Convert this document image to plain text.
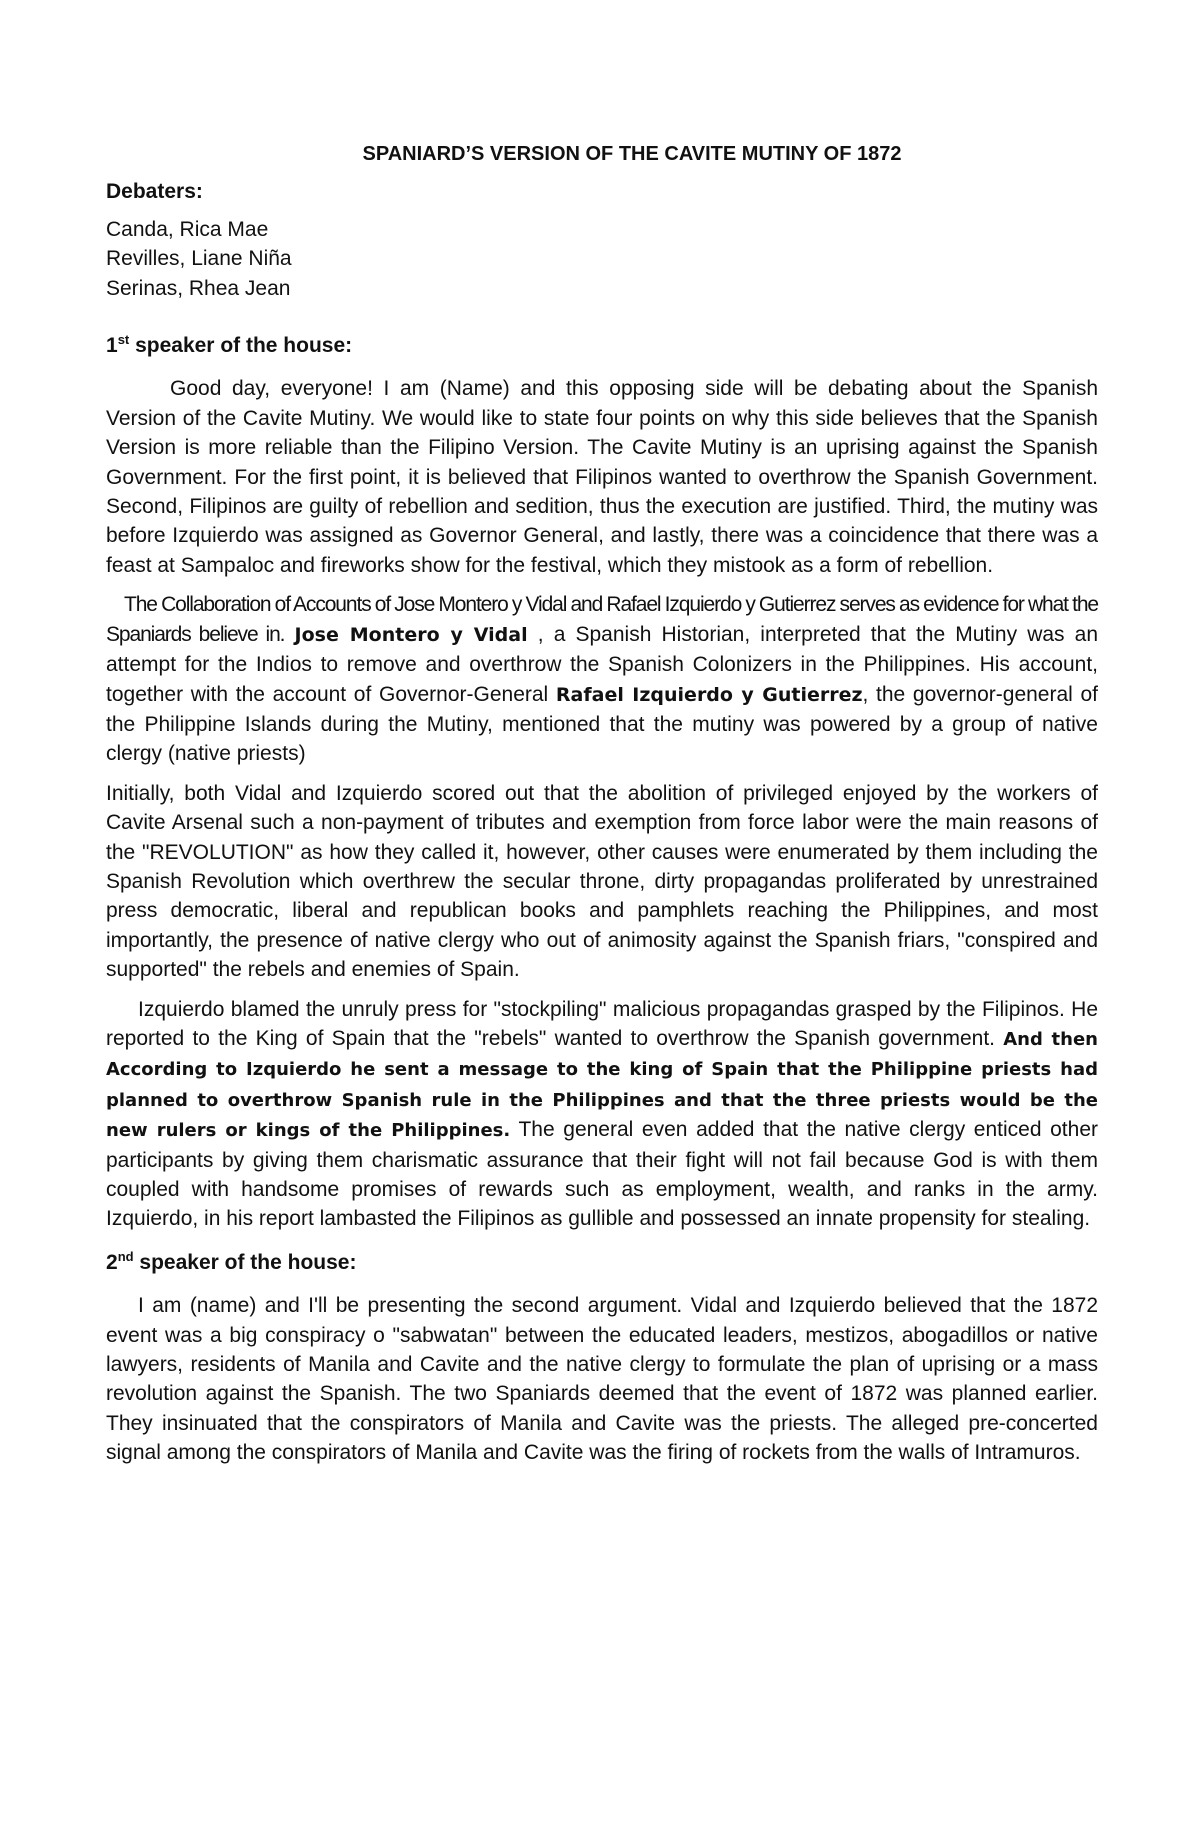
SPANIARD’S VERSION OF THE CAVITE MUTINY OF 1872

Debaters:

Canda, Rica Mae

Revilles, Liane Niña

Serinas, Rhea Jean

1st speaker of the house:

Good day, everyone! I am (Name) and this opposing side will be debating about the Spanish Version of the Cavite Mutiny. We would like to state four points on why this side believes that the Spanish Version is more reliable than the Filipino Version. The Cavite Mutiny is an uprising against the Spanish Government. For the first point, it is believed that Filipinos wanted to overthrow the Spanish Government. Second, Filipinos are guilty of rebellion and sedition, thus the execution are justified. Third, the mutiny was before Izquierdo was assigned as Governor General, and lastly, there was a coincidence that there was a feast at Sampaloc and fireworks show for the festival, which they mistook as a form of rebellion.

The Collaboration of Accounts of Jose Montero y Vidal and Rafael Izquierdo y Gutierrez serves as evidence for what the Spaniards believe in. Jose Montero y Vidal , a Spanish Historian, interpreted that the Mutiny was an attempt for the Indios to remove and overthrow the Spanish Colonizers in the Philippines. His account, together with the account of Governor-General Rafael Izquierdo y Gutierrez, the governor-general of the Philippine Islands during the Mutiny, mentioned that the mutiny was powered by a group of native clergy (native priests)

Initially, both Vidal and Izquierdo scored out that the abolition of privileged enjoyed by the workers of Cavite Arsenal such a non-payment of tributes and exemption from force labor were the main reasons of the "REVOLUTION" as how they called it, however, other causes were enumerated by them including the Spanish Revolution which overthrew the secular throne, dirty propagandas proliferated by unrestrained press democratic, liberal and republican books and pamphlets reaching the Philippines, and most importantly, the presence of native clergy who out of animosity against the Spanish friars, "conspired and supported" the rebels and enemies of Spain.

Izquierdo blamed the unruly press for "stockpiling" malicious propagandas grasped by the Filipinos. He reported to the King of Spain that the "rebels" wanted to overthrow the Spanish government. And then According to Izquierdo he sent a message to the king of Spain that the Philippine priests had planned to overthrow Spanish rule in the Philippines and that the three priests would be the new rulers or kings of the Philippines. The general even added that the native clergy enticed other participants by giving them charismatic assurance that their fight will not fail because God is with them coupled with handsome promises of rewards such as employment, wealth, and ranks in the army. Izquierdo, in his report lambasted the Filipinos as gullible and possessed an innate propensity for stealing.

2nd speaker of the house:

I am (name) and I'll be presenting the second argument. Vidal and Izquierdo believed that the 1872 event was a big conspiracy o "sabwatan" between the educated leaders, mestizos, abogadillos or native lawyers, residents of Manila and Cavite and the native clergy to formulate the plan of uprising or a mass revolution against the Spanish. The two Spaniards deemed that the event of 1872 was planned earlier. They insinuated that the conspirators of Manila and Cavite was the priests. The alleged pre-concerted signal among the conspirators of Manila and Cavite was the firing of rockets from the walls of Intramuros.
